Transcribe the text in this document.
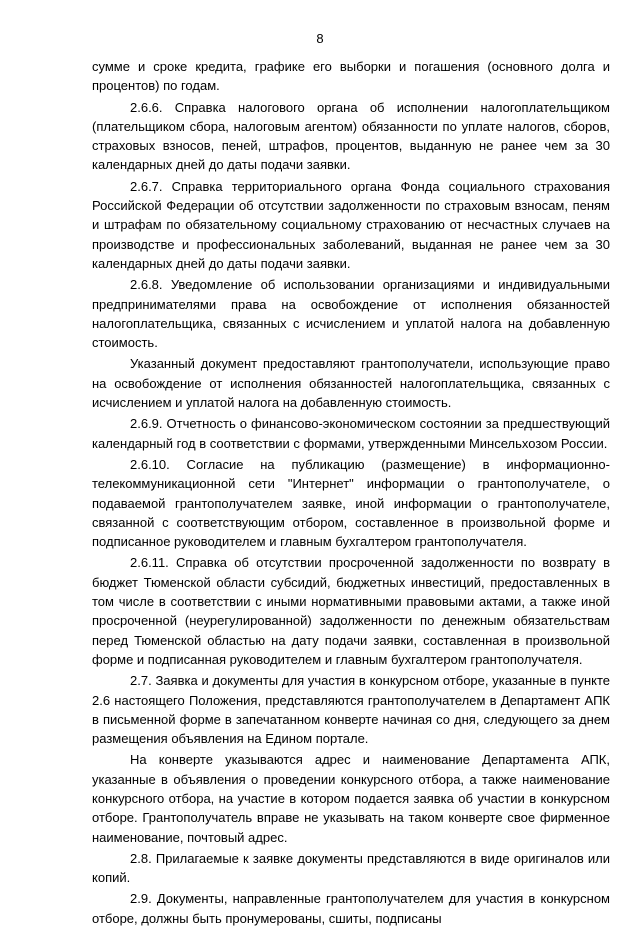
8

сумме и сроке кредита, графике его выборки и погашения (основного долга и процентов) по годам.

2.6.6. Справка налогового органа об исполнении налогоплательщиком (плательщиком сбора, налоговым агентом) обязанности по уплате налогов, сборов, страховых взносов, пеней, штрафов, процентов, выданную не ранее чем за 30 календарных дней до даты подачи заявки.

2.6.7. Справка территориального органа Фонда социального страхования Российской Федерации об отсутствии задолженности по страховым взносам, пеням и штрафам по обязательному социальному страхованию от несчастных случаев на производстве и профессиональных заболеваний, выданная не ранее чем за 30 календарных дней до даты подачи заявки.

2.6.8. Уведомление об использовании организациями и индивидуальными предпринимателями права на освобождение от исполнения обязанностей налогоплательщика, связанных с исчислением и уплатой налога на добавленную стоимость.

Указанный документ предоставляют грантополучатели, использующие право на освобождение от исполнения обязанностей налогоплательщика, связанных с исчислением и уплатой налога на добавленную стоимость.

2.6.9. Отчетность о финансово-экономическом состоянии за предшествующий календарный год в соответствии с формами, утвержденными Минсельхозом России.

2.6.10. Согласие на публикацию (размещение) в информационно-телекоммуникационной сети "Интернет" информации о грантополучателе, о подаваемой грантополучателем заявке, иной информации о грантополучателе, связанной с соответствующим отбором, составленное в произвольной форме и подписанное руководителем и главным бухгалтером грантополучателя.

2.6.11. Справка об отсутствии просроченной задолженности по возврату в бюджет Тюменской области субсидий, бюджетных инвестиций, предоставленных в том числе в соответствии с иными нормативными правовыми актами, а также иной просроченной (неурегулированной) задолженности по денежным обязательствам перед Тюменской областью на дату подачи заявки, составленная в произвольной форме и подписанная руководителем и главным бухгалтером грантополучателя.

2.7. Заявка и документы для участия в конкурсном отборе, указанные в пункте 2.6 настоящего Положения, представляются грантополучателем в Департамент АПК в письменной форме в запечатанном конверте начиная со дня, следующего за днем размещения объявления на Едином портале.

На конверте указываются адрес и наименование Департамента АПК, указанные в объявления о проведении конкурсного отбора, а также наименование конкурсного отбора, на участие в котором подается заявка об участии в конкурсном отборе. Грантополучатель вправе не указывать на таком конверте свое фирменное наименование, почтовый адрес.

2.8. Прилагаемые к заявке документы представляются в виде оригиналов или копий.

2.9. Документы, направленные грантополучателем для участия в конкурсном отборе, должны быть пронумерованы, сшиты, подписаны
